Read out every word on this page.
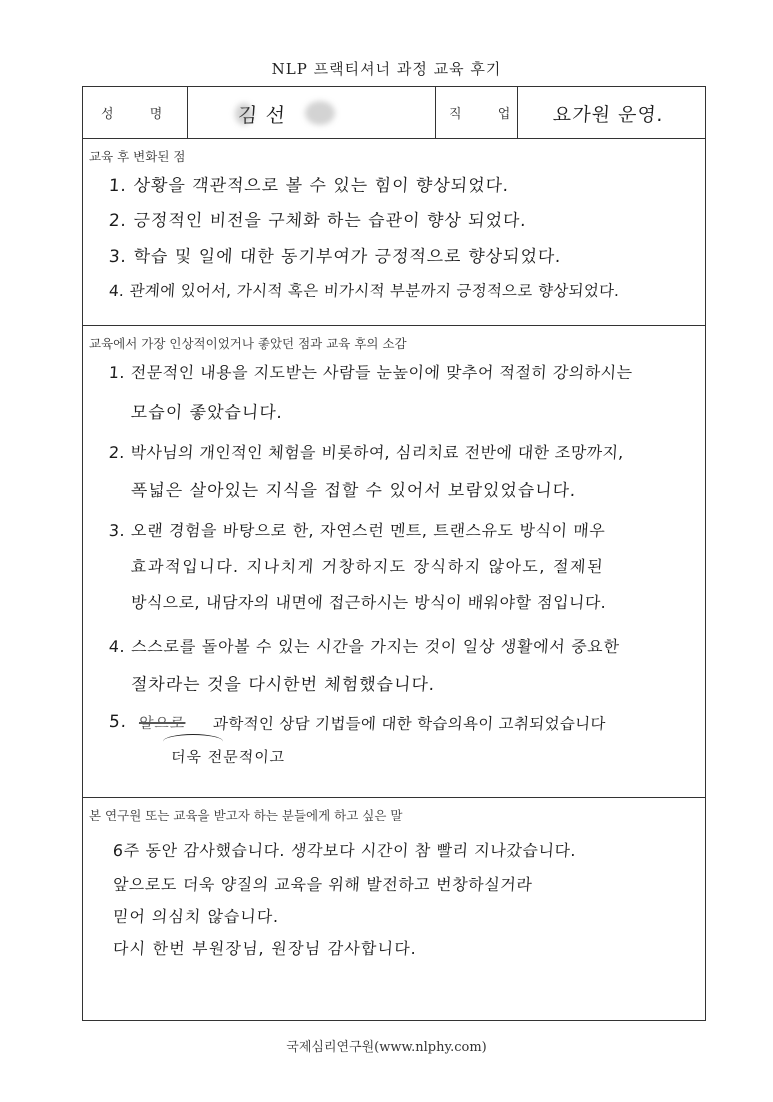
NLP 프랙티셔너 과정 교육 후기
성 명	김 선	직 업 요가원 운영.
교육 후 변화된 점
1. 상황을 객관적으로 볼 수 있는 힘이 향상되었다.
2. 긍정적인 비전을 구체화 하는 습관이 향상 되었다.
3. 학습 및 일에 대한 동기부여가 긍정적으로 향상되었다.
4. 관계에 있어서, 가시적 혹은 비가시적 부분까지 긍정적으로 향상되었다.
교육에서 가장 인상적이었거나 좋았던 점과 교육 후의 소감
1. 전문적인 내용을 지도받는 사람들 눈높이에 맞추어 적절히 강의하시는
모습이 좋았습니다.
2. 박사님의 개인적인 체험을 비롯하여, 심리치료 전반에 대한 조망까지,
폭넓은 살아있는 지식을 접할 수 있어서 보람있었습니다.
3. 오랜 경험을 바탕으로 한, 자연스런 멘트, 트랜스유도 방식이 매우
효과적입니다. 지나치게 거창하지도 장식하지 않아도, 절제된
방식으로, 내담자의 내면에 접근하시는 방식이 배워야할 점입니다.
4. 스스로를 돌아볼 수 있는 시간을 가지는 것이 일상 생활에서 중요한
절차라는 것을 다시한번 체험했습니다.
5. 알으로 과학적인 상담 기법들에 대한 학습의욕이 고취되었습니다
더욱 전문적이고
본 연구원 또는 교육을 받고자 하는 분들에게 하고 싶은 말
6주 동안 감사했습니다. 생각보다 시간이 참 빨리 지나갔습니다.
앞으로도 더욱 양질의 교육을 위해 발전하고 번창하실거라
믿어 의심치 않습니다.
다시 한번 부원장님, 원장님 감사합니다.
국제심리연구원(www.nlphy.com)
